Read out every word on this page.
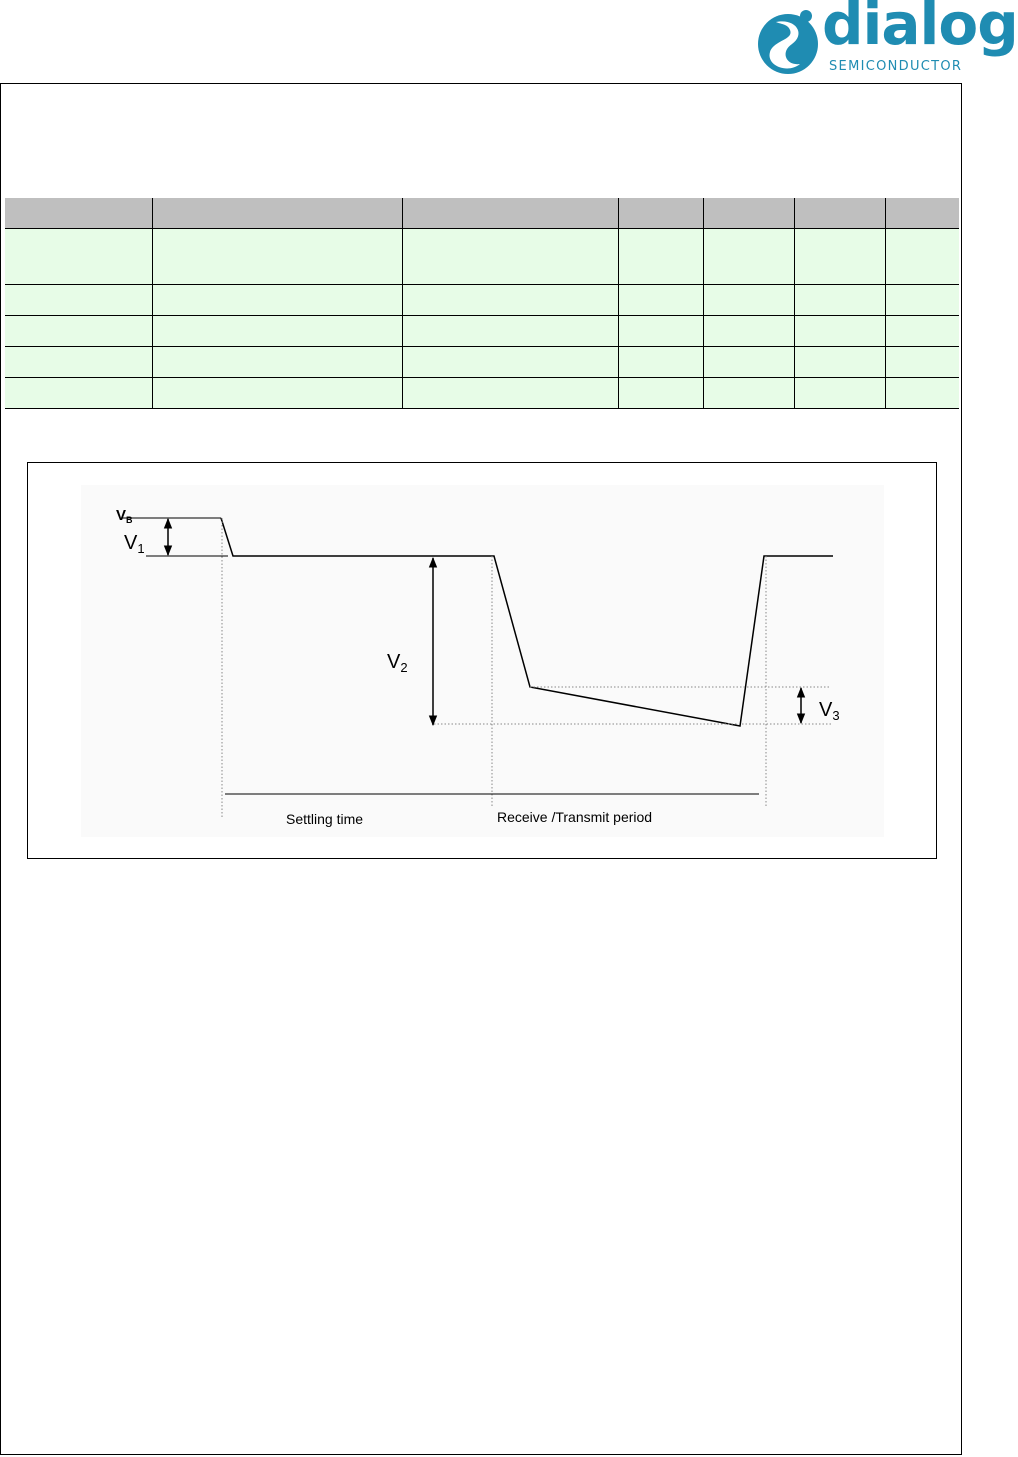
dialog
SEMICONDUCTOR

$V_B$
$V_1$
$V_2$
$V_3$
Settling time	Receive /Transmit period
